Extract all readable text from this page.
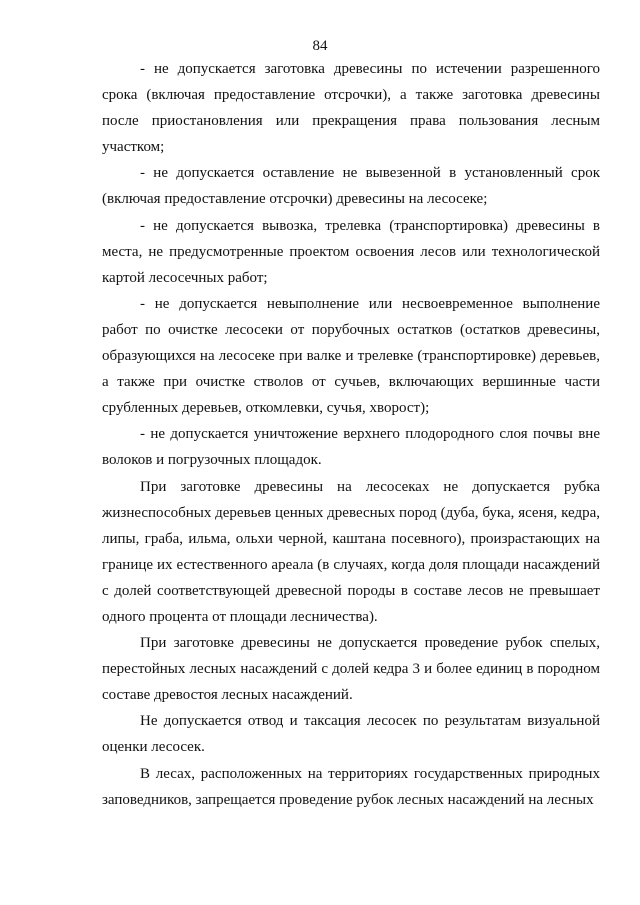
84

- не допускается заготовка древесины по истечении разрешенного срока (включая предоставление отсрочки), а также заготовка древесины после приостановления или прекращения права пользования лесным участком;

- не допускается оставление не вывезенной в установленный срок (включая предоставление отсрочки) древесины на лесосеке;

- не допускается вывозка, трелевка (транспортировка) древесины в места, не предусмотренные проектом освоения лесов или технологической картой лесосечных работ;

- не допускается невыполнение или несвоевременное выполнение работ по очистке лесосеки от порубочных остатков (остатков древесины, образующихся на лесосеке при валке и трелевке (транспортировке) деревьев, а также при очистке стволов от сучьев, включающих вершинные части срубленных деревьев, откомлевки, сучья, хворост);

- не допускается уничтожение верхнего плодородного слоя почвы вне волоков и погрузочных площадок.

При заготовке древесины на лесосеках не допускается рубка жизнеспособных деревьев ценных древесных пород (дуба, бука, ясеня, кедра, липы, граба, ильма, ольхи черной, каштана посевного), произрастающих на границе их естественного ареала (в случаях, когда доля площади насаждений с долей соответствующей древесной породы в составе лесов не превышает одного процента от площади лесничества).

При заготовке древесины не допускается проведение рубок спелых, перестойных лесных насаждений с долей кедра 3 и более единиц в породном составе древостоя лесных насаждений.

Не допускается отвод и таксация лесосек по результатам визуальной оценки лесосек.

В лесах, расположенных на территориях государственных природных заповедников, запрещается проведение рубок лесных насаждений на лесных
